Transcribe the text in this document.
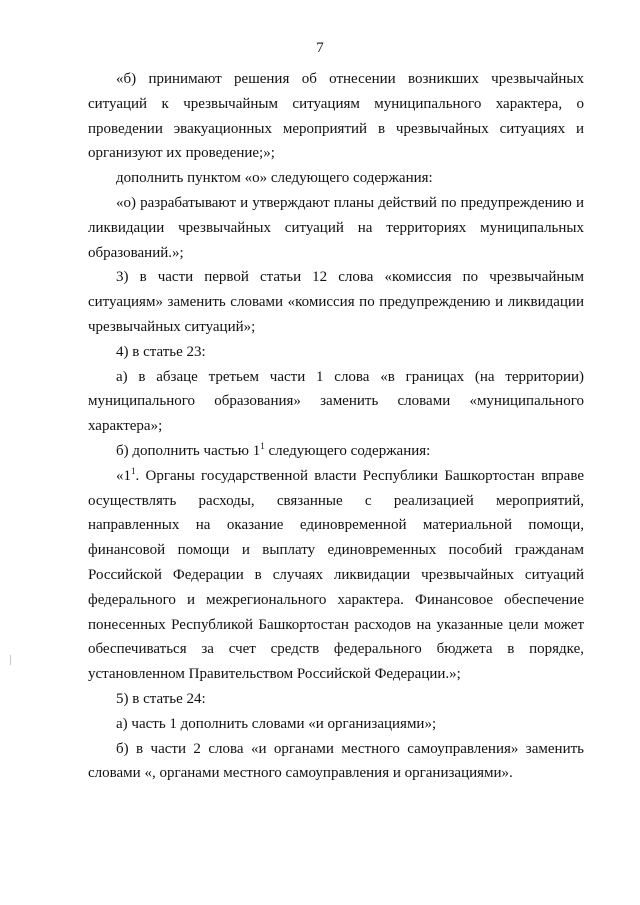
7

«б) принимают решения об отнесении возникших чрезвычайных ситуаций к чрезвычайным ситуациям муниципального характера, о проведении эвакуационных мероприятий в чрезвычайных ситуациях и организуют их проведение;»;

дополнить пунктом «о» следующего содержания:

«о) разрабатывают и утверждают планы действий по предупреждению и ликвидации чрезвычайных ситуаций на территориях муниципальных образований.»;

3) в части первой статьи 12 слова «комиссия по чрезвычайным ситуациям» заменить словами «комиссия по предупреждению и ликвидации чрезвычайных ситуаций»;

4) в статье 23:

а) в абзаце третьем части 1 слова «в границах (на территории) муниципального образования» заменить словами «муниципального характера»;

б) дополнить частью $1^1$ следующего содержания:

«$1^1$. Органы государственной власти Республики Башкортостан вправе осуществлять расходы, связанные с реализацией мероприятий, направленных на оказание единовременной материальной помощи, финансовой помощи и выплату единовременных пособий гражданам Российской Федерации в случаях ликвидации чрезвычайных ситуаций федерального и межрегионального характера. Финансовое обеспечение понесенных Республикой Башкортостан расходов на указанные цели может обеспечиваться за счет средств федерального бюджета в порядке, установленном Правительством Российской Федерации.»;

5) в статье 24:

а) часть 1 дополнить словами «и организациями»;

б) в части 2 слова «и органами местного самоуправления» заменить словами «, органами местного самоуправления и организациями».
